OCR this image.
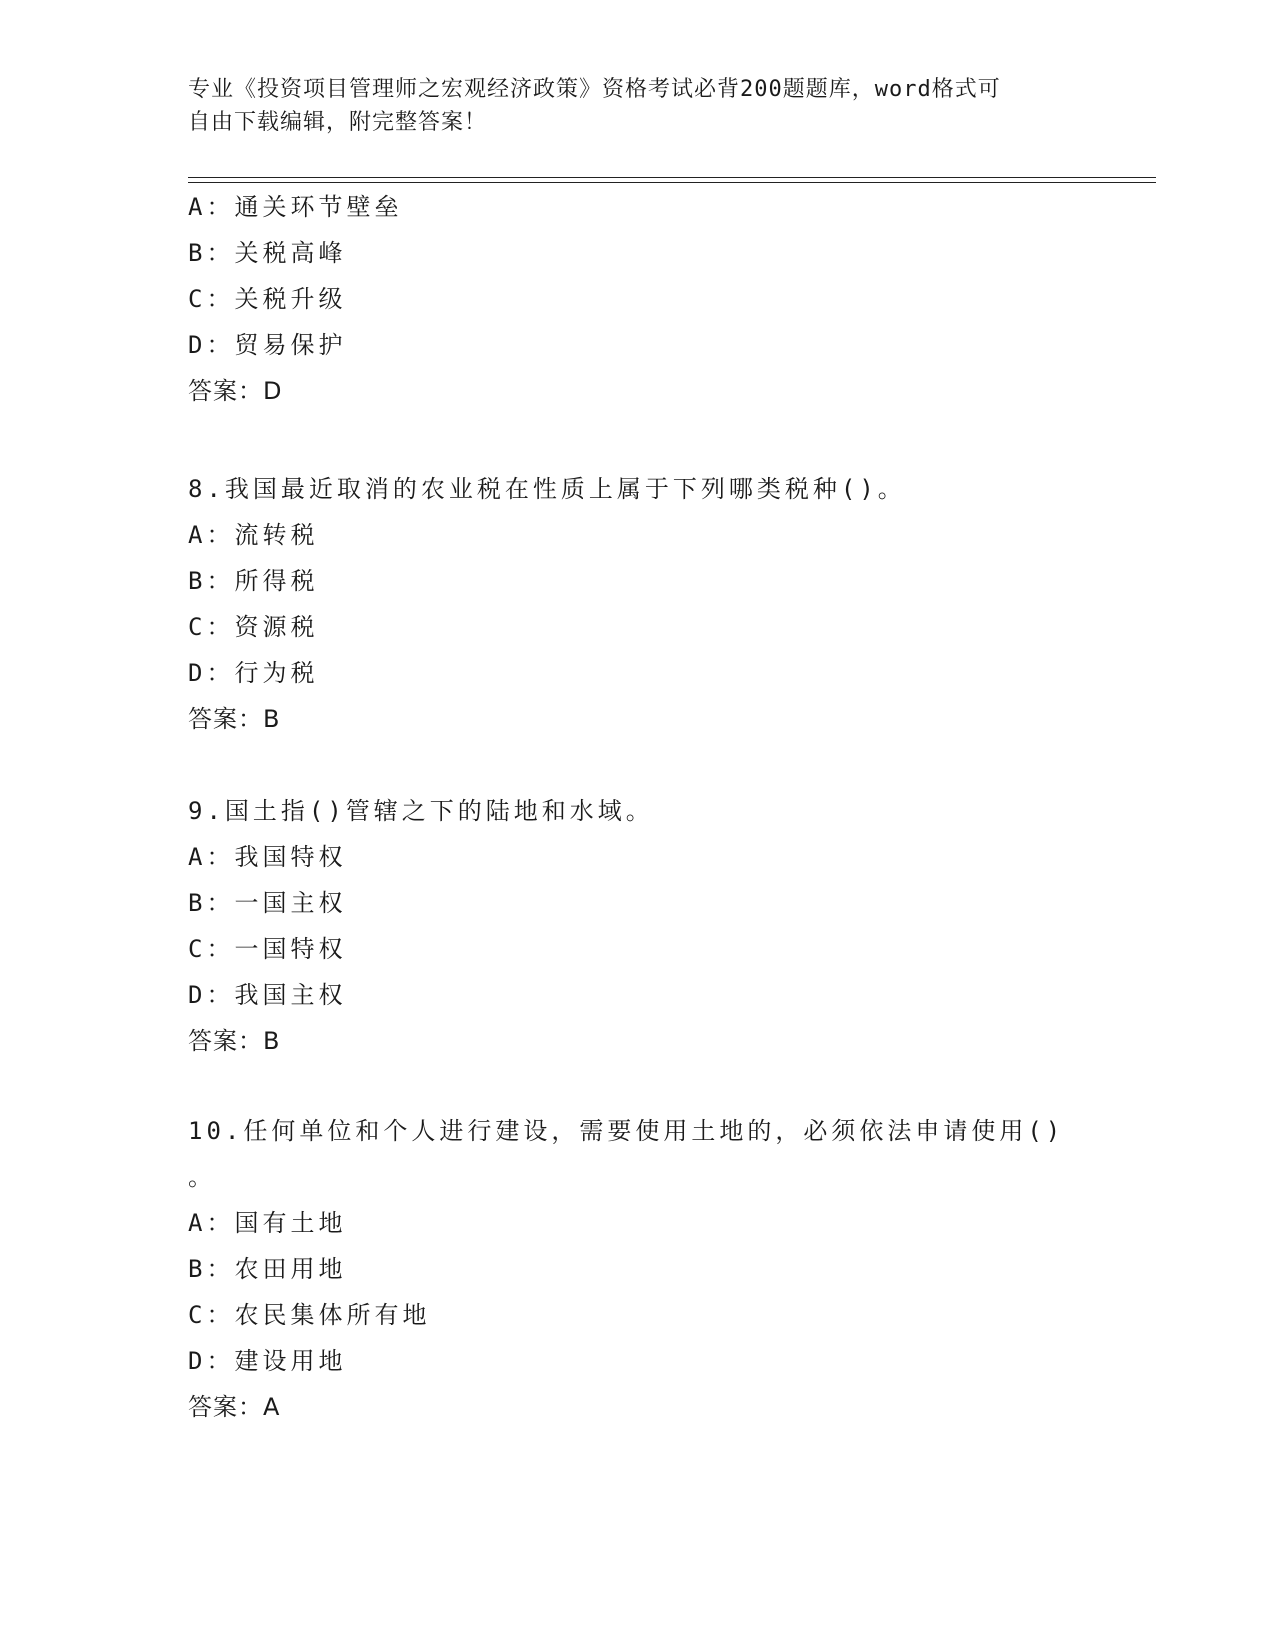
专业《投资项目管理师之宏观经济政策》资格考试必背200题题库，word格式可
自由下载编辑，附完整答案！
A：通关环节壁垒
B：关税高峰
C：关税升级
D：贸易保护
答案：D
8.我国最近取消的农业税在性质上属于下列哪类税种()。
A：流转税
B：所得税
C：资源税
D：行为税
答案：B
9.国土指()管辖之下的陆地和水域。
A：我国特权
B：一国主权
C：一国特权
D：我国主权
答案：B
10.任何单位和个人进行建设，需要使用土地的，必须依法申请使用()
。
A：国有土地
B：农田用地
C：农民集体所有地
D：建设用地
答案：A
